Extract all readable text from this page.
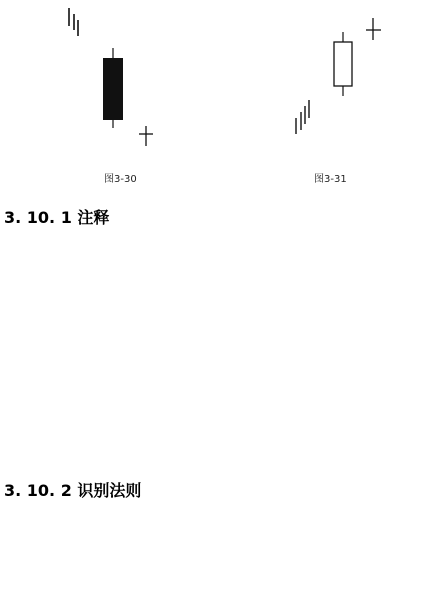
图3-30	图3-31
3. 10. 1 注释
3. 10. 2 识别法则
